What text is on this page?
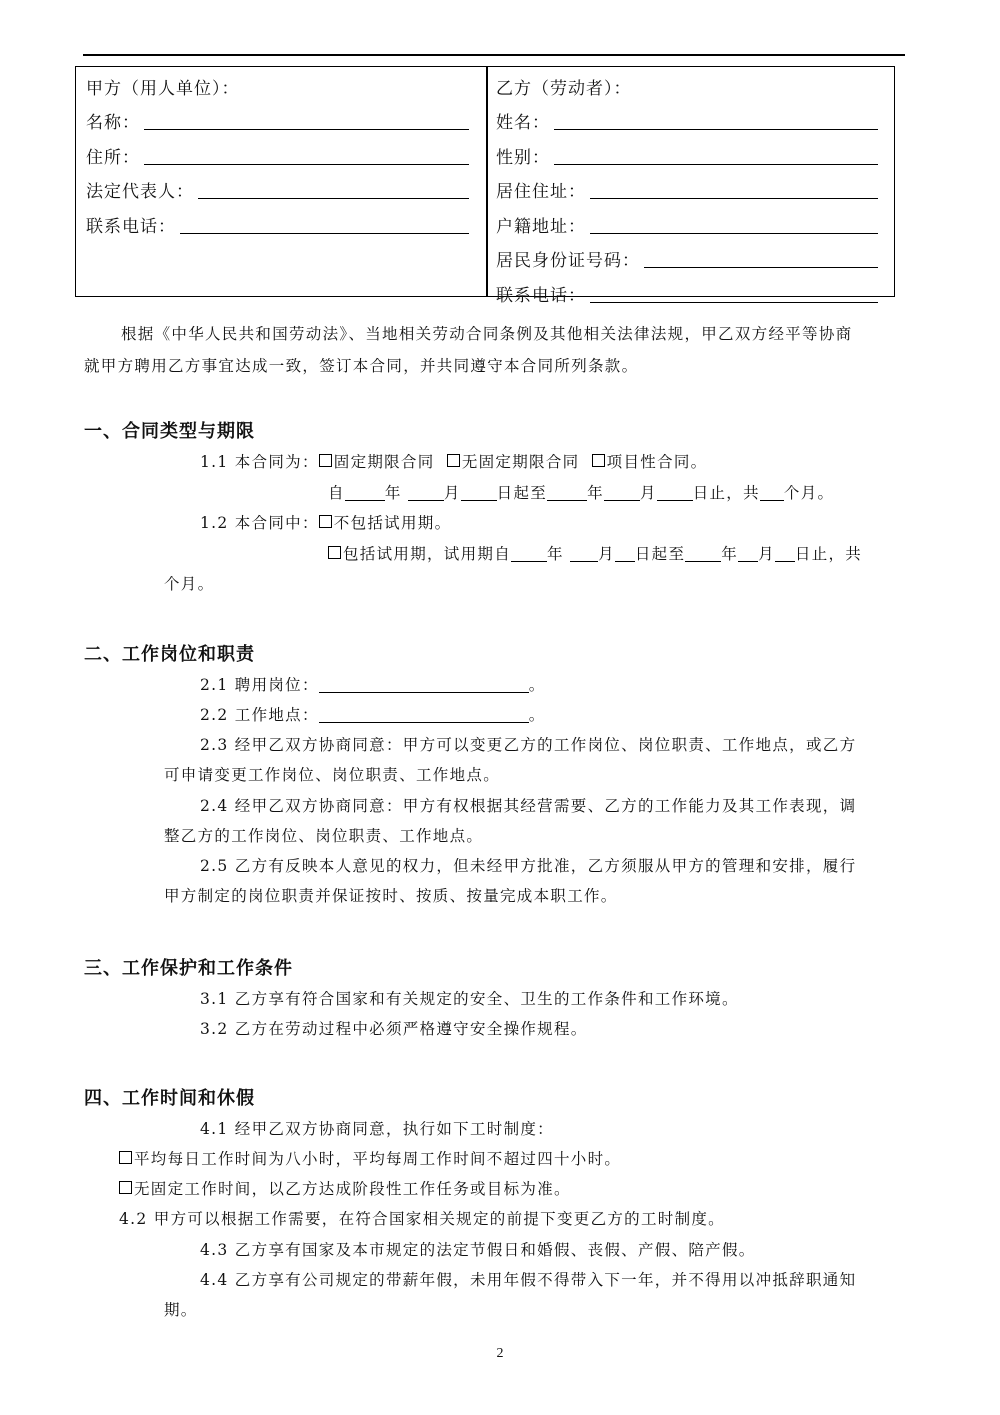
甲方（用人单位）：
名称：
住所：
法定代表人：
联系电话：
乙方（劳动者）：
姓名：
性别：
居住住址：
户籍地址：
居民身份证号码：
联系电话：
根据《中华人民共和国劳动法》、当地相关劳动合同条例及其他相关法律法规，甲乙双方经平等协商
就甲方聘用乙方事宜达成一致，签订本合同，并共同遵守本合同所列条款。
一、合同类型与期限
1.1 本合同为： 固定期限合同 无固定期限合同 项目性合同。
自	年	月 日起至	年 月 日止，共 个月。
1.2 本合同中： 不包括试用期。
包括试用期，试用期自 年 月 日起至 年 月 日止，共
个月。
二、工作岗位和职责
2.1 聘用岗位：	。
2.2 工作地点：	。
2.3 经甲乙双方协商同意：甲方可以变更乙方的工作岗位、岗位职责、工作地点，或乙方
可申请变更工作岗位、岗位职责、工作地点。
2.4 经甲乙双方协商同意：甲方有权根据其经营需要、乙方的工作能力及其工作表现，调
整乙方的工作岗位、岗位职责、工作地点。
2.5 乙方有反映本人意见的权力，但未经甲方批准，乙方须服从甲方的管理和安排，履行
甲方制定的岗位职责并保证按时、按质、按量完成本职工作。
三、工作保护和工作条件
3.1 乙方享有符合国家和有关规定的安全、卫生的工作条件和工作环境。
3.2 乙方在劳动过程中必须严格遵守安全操作规程。
四、工作时间和休假
4.1 经甲乙双方协商同意，执行如下工时制度：
平均每日工作时间为八小时，平均每周工作时间不超过四十小时。
无固定工作时间，以乙方达成阶段性工作任务或目标为准。
4.2 甲方可以根据工作需要，在符合国家相关规定的前提下变更乙方的工时制度。
4.3 乙方享有国家及本市规定的法定节假日和婚假、丧假、产假、陪产假。
4.4 乙方享有公司规定的带薪年假，未用年假不得带入下一年，并不得用以冲抵辞职通知
期。
2
